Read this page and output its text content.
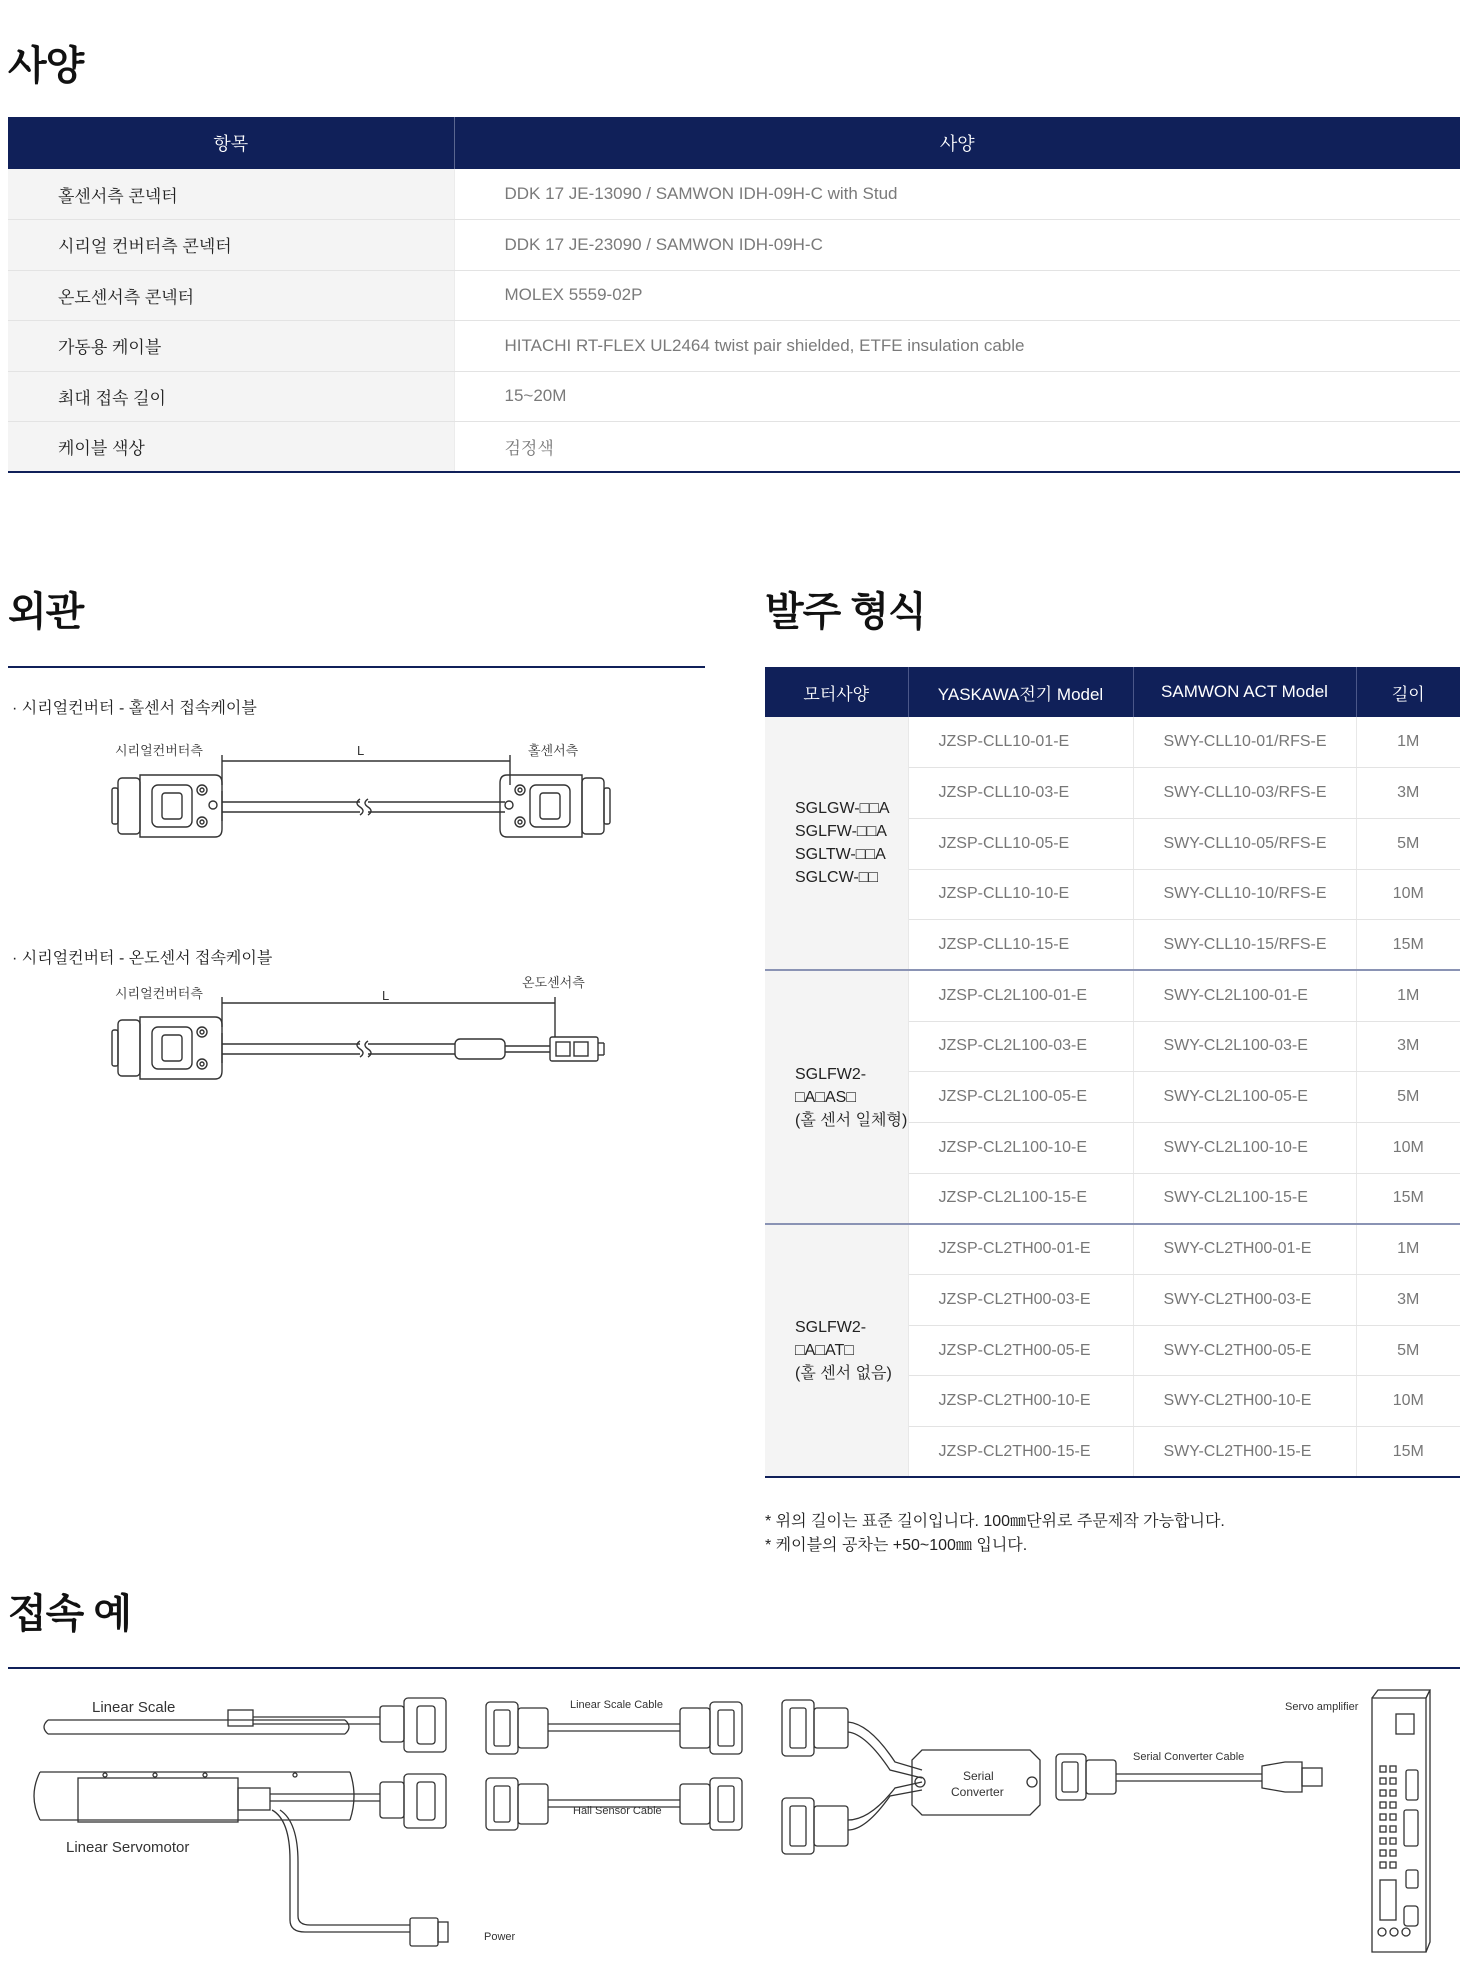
사양
항목	사양
홀센서측 콘넥터	DDK 17 JE-13090 / SAMWON IDH-09H-C with Stud
시리얼 컨버터측 콘넥터	DDK 17 JE-23090 / SAMWON IDH-09H-C
온도센서측 콘넥터	MOLEX 5559-02P
가동용 케이블	HITACHI RT-FLEX UL2464 twist pair shielded, ETFE insulation cable
최대 접속 길이	15~20M
케이블 색상	검정색
외관
· 시리얼컨버터 - 홀센서 접속케이블
시리얼컨버터측	L	홀센서측
· 시리얼컨버터 - 온도센서 접속케이블
시리얼컨버터측	L
온도센서측
발주 형식
모터사양	YASKAWA전기 Model	SAMWON ACT Model	길이

SGLGW-□□A
SGLFW-□□A
SGLTW-□□A
SGLCW-□□	JZSP-CLL10-01-E	SWY-CLL10-01/RFS-E	1M
	JZSP-CLL10-03-E	SWY-CLL10-03/RFS-E	3M
	JZSP-CLL10-05-E	SWY-CLL10-05/RFS-E	5M
	JZSP-CLL10-10-E	SWY-CLL10-10/RFS-E	10M
	JZSP-CLL10-15-E	SWY-CLL10-15/RFS-E	15M

SGLFW2-
□A□AS□
(홀 센서 일체형)	JZSP-CL2L100-01-E	SWY-CL2L100-01-E	1M
	JZSP-CL2L100-03-E	SWY-CL2L100-03-E	3M
	JZSP-CL2L100-05-E	SWY-CL2L100-05-E	5M
	JZSP-CL2L100-10-E	SWY-CL2L100-10-E	10M
	JZSP-CL2L100-15-E	SWY-CL2L100-15-E	15M

SGLFW2-
□A□AT□
(홀 센서 없음)	JZSP-CL2TH00-01-E	SWY-CL2TH00-01-E	1M
	JZSP-CL2TH00-03-E	SWY-CL2TH00-03-E	3M
	JZSP-CL2TH00-05-E	SWY-CL2TH00-05-E	5M
	JZSP-CL2TH00-10-E	SWY-CL2TH00-10-E	10M
	JZSP-CL2TH00-15-E	SWY-CL2TH00-15-E	15M
* 위의 길이는 표준 길이입니다. 100㎜단위로 주문제작 가능합니다.
* 케이블의 공차는 +50~100㎜ 입니다.
접속 예
Linear Scale
Linear Servomotor
Power
Linear Scale Cable
Hall Sensor Cable
Serial
Converter
Serial Converter Cable
Servo amplifier
